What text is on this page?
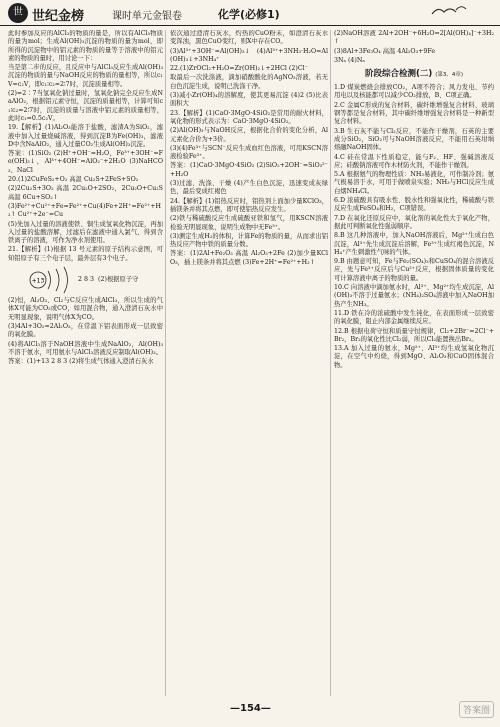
世 世纪金榜	课时单元金银卷	化学(必修1)

此时参加反应的AlCl₃的物质的量是，所以有AlCl₃物质的量为mol；生成Al(OH)₃沉淀的物质的量为mol，即所得的沉淀物中的铝元素的物质的量等于溶液中的铝元素的物质的量时，用讨论一下：

当是第二步的反应，且反应中与AlCl₃反应生成Al(OH)₃沉淀的物质的量与NaOH反应的物质的量相等，所以c₁V=c₂V，即c₁∶c₂=2∶7时，沉淀质量相等。

(2)=2∶7当氢氧化钠过量时，氢氧化钠完全反应生成NaAlO₂，根据铝元素守恒，沉淀的质量相等，计算可知c₁∶c₂=2∶7时，沉淀的质量与溶液中铝元素的质量相等，此时c₁=0.5c₂V。

19.【解析】(1)Al₂O₃能溶于盐酸，滤渣A为SiO₂，滤液中加入过量烧碱溶液，得到沉淀B为Fe(OH)₃，滤液D中含NaAlO₂，通入过量CO₂生成Al(OH)₃沉淀。

答案：(1)SiO₂ (2)H⁺+OH⁻=H₂O，Fe³⁺+3OH⁻=Fe(OH)₃↓，Al³⁺+4OH⁻=AlO₂⁻+2H₂O (3)NaHCO₃、NaCl

20.(1)2CuFeS₂+O₂ 高温 Cu₂S+2FeS+SO₂

(2)2Cu₂S+3O₂ 高温 2Cu₂O+2SO₂，2Cu₂O+Cu₂S 高温 6Cu+SO₂↑

(3)Fe²⁺+Cu²⁺+Fe=Fe²⁺+Cu(4)Fe+2H⁺=Fe²⁺+H₂↑ Cu²⁺+2e⁻=Cu

(5)先加入过量的溶液使铁、铜生成氢氧化物沉淀，再加入过量的盐酸溶解，过滤后在滤液中通入氯气，得到含铁离子的溶液，可作为净水剂使用。

21.【解析】(1)根据 13 号元素的原子结构示意图，可知铝原子有三个电子层，最外层有3个电子。

+13	2 8 3 (2)根据原子守

(2)恒，Al₂O₃、Cl₂与C反应生成AlCl₃，所以生成的气体X可能为CO₂或CO，如用混合物，通入澄清石灰水中无明显现象，说明气体X为CO。

(3)4Al+3O₂=2Al₂O₃，在常温下铝表面形成一层致密的氧化膜。

(4)将AlCl₃溶于NaOH溶液中生成NaAlO₂，Al(OH)₃不溶于氨水，可用氨水与AlCl₃溶液反应制取Al(OH)₃。

答案：(1)+13 2 8 3 (2)将生成气体通入澄清石灰水

依次通过澄清石灰水，灼热的CuO粉末，如澄清石灰水变浑浊，黑色CuO变红，则X中存在CO。

(3)Al³⁺+3OH⁻=Al(OH)₃↓ (4)Al³⁺+3NH₃·H₂O=Al(OH)₃↓+3NH₄⁺

22.(1)ZrOCl₂+H₂O=Zr(OH)₂↓+2HCl (2)Cl⁻

取最后一次洗涤液，滴加硝酸酸化的AgNO₃溶液，若无白色沉淀生成，说明已洗涤干净。

(3)减小Zr(OH)₄的溶解度，使其更易沉淀 (4)2 (5)比表面积大

23.【解析】(1)CaO·3MgO·4SiO₂是常用的耐火材料，氧化物的形式表示为：CaO·3MgO·4SiO₂。

(2)Al(OH)₃与NaOH反应，根据化合价的变化分析，Al元素化合价为+3价。

(3)(4)Fe³⁺与SCN⁻反应生成血红色溶液，可用KSCN溶液检验Fe³⁺。

答案：(1)CaO·3MgO·4SiO₂ (2)SiO₂+2OH⁻=SiO₃²⁻+H₂O

(3)过滤、洗涤、干燥 (4)产生白色沉淀，迅速变成灰绿色，最后变成红褐色

24.【解析】(1)铝热反应时，铝热剂上面加少量KClO₃，插镁条并将其点燃，即可使铝热反应发生。

(2)铁与稀硫酸反应生成硫酸亚铁和氢气，用KSCN溶液检验无明显现象，说明生成物中无Fe³⁺。

(3)测定生成H₂的体积，计算Fe的物质的量，从而求出铝热反应产物中铁的质量分数。

答案：(1)2Al+Fe₂O₃ 高温 Al₂O₃+2Fe (2)加少量KClO₃，插上镁条并将其点燃 (3)Fe+2H⁺=Fe²⁺+H₂↑

(2)NaOH溶液 2Al+2OH⁻+6H₂O=2[Al(OH)₄]⁻+3H₂↑

(3)8Al+3Fe₃O₄ 高温 4Al₂O₃+9Fe

3Nₐ (4)Nₐ

阶段综合检测(二) (第3、4章)

1.D 煤炭燃烧会排放CO₂，A项不符合；风力发电、节约用电以及核能都可以减少CO₂排放，B、C项正确。

2.C 金属C形成的复合材料，碳纤维增强复合材料、玻璃钢等都是复合材料，其中碳纤维增强复合材料是一种新型复合材料。

3.B 生石灰不能与Cl₂反应，不能作干燥剂，石英的主要成分SiO₂，SiO₂可与NaOH溶液反应，不能用石英坩埚熔融NaOH固体。

4.C 硅在常温下性质稳定，能与F₂、HF、强碱溶液反应；硅酸钠溶液可作木材防火剂，不能作干燥剂。

5.A 根据氨气的物理性质：NH₃易液化，可作制冷剂；氨气极易溶于水，可用于做喷泉实验；NH₃与HCl反应生成白烟NH₄Cl。

6.D 浓硫酸具有吸水性、脱水性和强氧化性，稀硫酸与铁反应生成FeSO₄和H₂，C项错误。

7.D 在氧化还原反应中，氧化剂的氧化性大于氧化产物，据此可判断氧化性强弱顺序。

8.B 这几种溶液中，加入NaOH溶液后，Mg²⁺生成白色沉淀，Al³⁺先生成沉淀后溶解，Fe³⁺生成红褐色沉淀，NH₄⁺产生刺激性气味的气体。

9.B 由题意可知，Fe与Fe₂(SO₄)₃和CuSO₄的混合溶液反应，先与Fe³⁺反应后与Cu²⁺反应，根据固体质量的变化可计算溶液中离子的物质的量。

10.C 向溶液中滴加氨水时，Al³⁺、Mg²⁺均生成沉淀，Al(OH)₃不溶于过量氨水；(NH₄)₂SO₄溶液中加入NaOH加热产生NH₃。

11.D 铁在冷的浓硫酸中发生钝化，在表面形成一层致密的氧化膜，阻止内部金属继续反应。

12.B 根据电荷守恒和质量守恒规律，Cl₂+2Br⁻=2Cl⁻+Br₂，Br₂的氧化性比Cl₂弱，所以Cl₂能置换出Br₂。

13.A 加入过量的氨水，Mg²⁺、Al³⁺均生成氢氧化物沉淀，在空气中灼烧，得到MgO、Al₂O₃和CuO固体混合物。

—154—	答案圈
